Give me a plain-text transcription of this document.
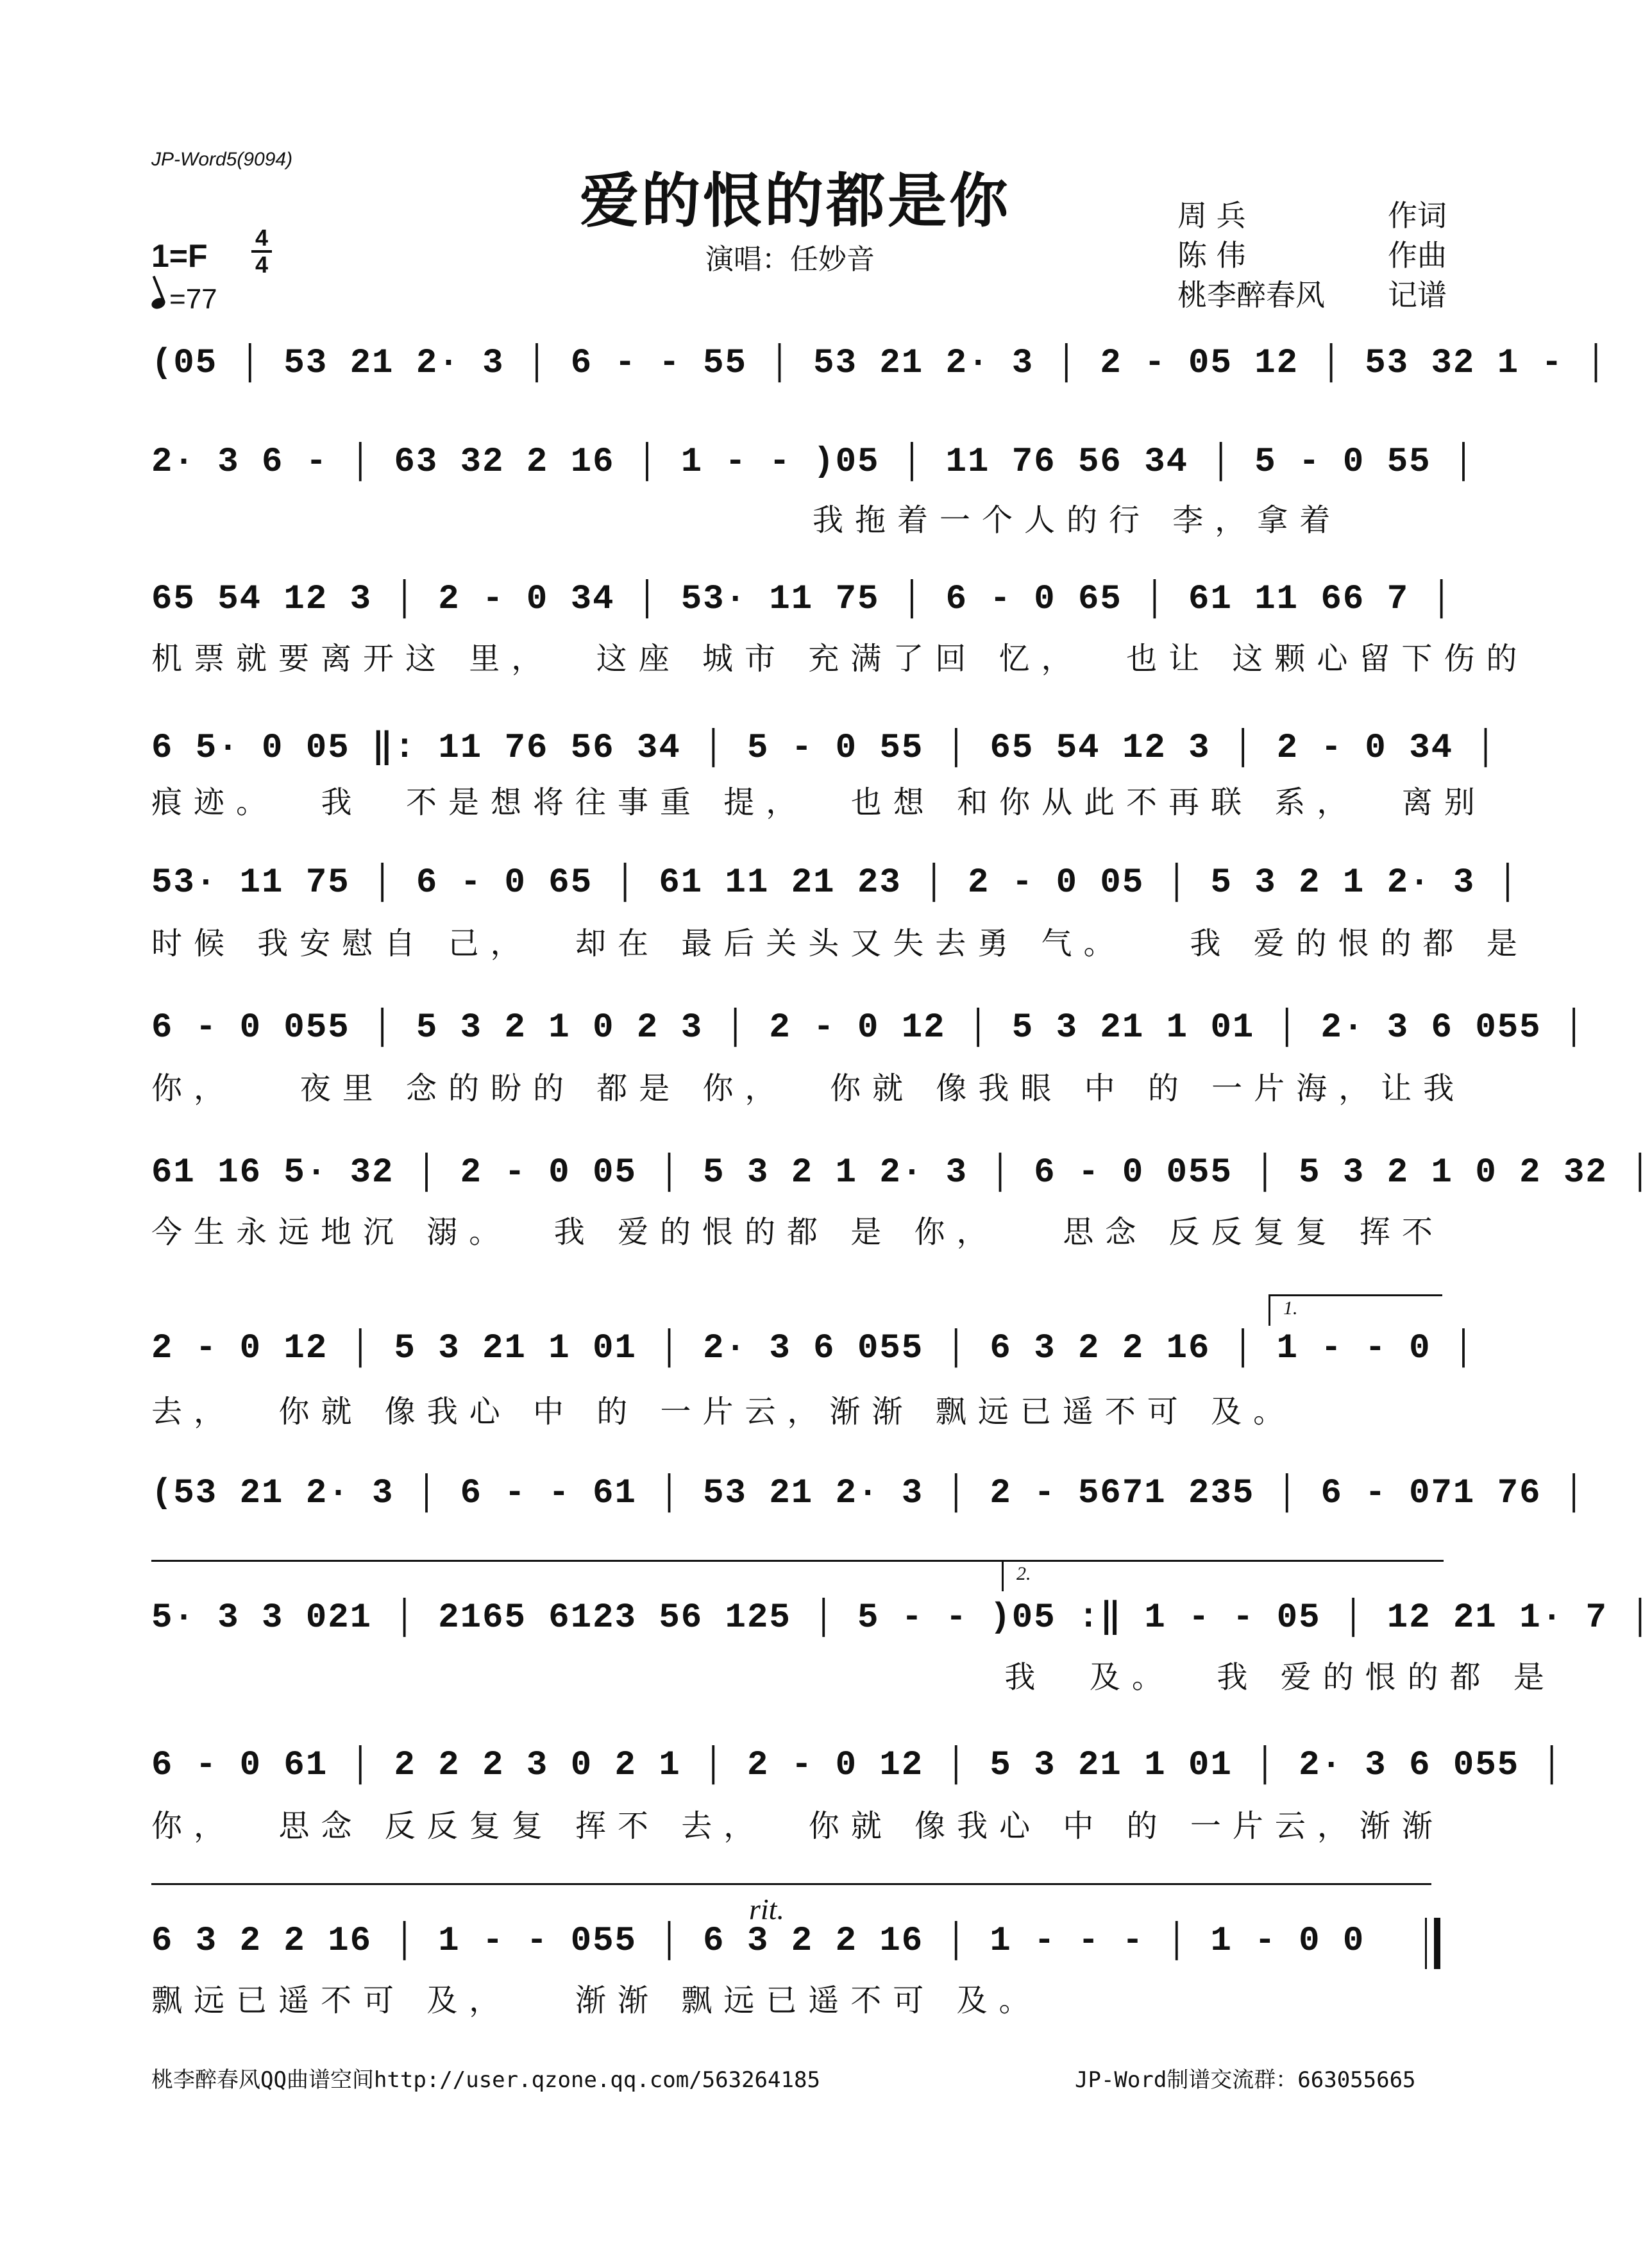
JP-Word5(9094)
爱的恨的都是你
演唱：任妙音
周 兵	作词
陈 伟	作曲
桃李醉春风 记谱
1=F
4
4
=77
(05 │ 53 21 2· 3 │ 6 - - 55 │ 53 21 2· 3 │ 2 - 05 12 │ 53 32 1 - │
2· 3 6 - │ 63 32 2 16 │ 1 - - )05 │ 11 76 56 34 │ 5 - 0 55 │
我拖着一个人的行 李，拿着
65 54 12 3 │ 2 - 0 34 │ 53· 11 75 │ 6 - 0 65 │ 61 11 66 7 │
机票就要离开这 里，  这座 城市 充满了回 忆，  也让 这颗心留下伤的
6 5· 0 05 ‖: 11 76 56 34 │ 5 - 0 55 │ 65 54 12 3 │ 2 - 0 34 │
痕迹。  我  不是想将往事重 提，  也想 和你从此不再联 系，  离别
53· 11 75 │ 6 - 0 65 │ 61 11 21 23 │ 2 - 0 05 │ 5 3 2 1 2· 3 │
时候 我安慰自 己，  却在 最后关头又失去勇 气。   我 爱的恨的都 是
6 - 0 055 │ 5 3 2 1 0 2 3 │ 2 - 0 12 │ 5 3 21 1 01 │ 2· 3 6 055 │
你，   夜里 念的盼的 都是 你，  你就 像我眼 中 的 一片海，让我
61 16 5· 32 │ 2 - 0 05 │ 5 3 2 1 2· 3 │ 6 - 0 055 │ 5 3 2 1 0 2 32 │
今生永远地沉 溺。  我 爱的恨的都 是 你，   思念 反反复复 挥不
1.
2 - 0 12 │ 5 3 21 1 01 │ 2· 3 6 055 │ 6 3 2 2 16 │ 1 - - 0 │
去，  你就 像我心 中 的 一片云，渐渐 飘远已遥不可 及。
(53 21 2· 3 │ 6 - - 61 │ 53 21 2· 3 │ 2 - 5671 235 │ 6 - 071 76 │
2.
5· 3 3 021 │ 2165 6123 56 125 │ 5 - - )05 :‖ 1 - - 05 │ 12 21 1· 7 │
我  及。  我 爱的恨的都 是
6 - 0 61 │ 2 2 2 3 0 2 1 │ 2 - 0 12 │ 5 3 21 1 01 │ 2· 3 6 055 │
你，  思念 反反复复 挥不 去，  你就 像我心 中 的 一片云，渐渐
rit.
6 3 2 2 16 │ 1 - - 055 │ 6 3 2 2 16 │ 1 - - - │ 1 - 0 0
飘远已遥不可 及，   渐渐 飘远已遥不可 及。
桃李醉春风QQ曲谱空间http://user.qzone.qq.com/563264185	JP-Word制谱交流群：663055665
